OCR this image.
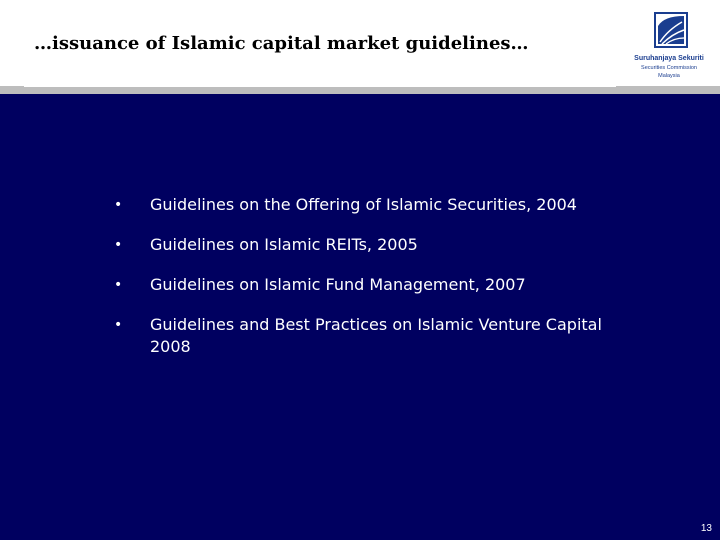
…issuance of Islamic capital market guidelines…
Suruhanjaya Sekuriti
Securities Commission
Malaysia
• Guidelines on the Offering of Islamic Securities, 2004
• Guidelines on Islamic REITs, 2005
• Guidelines on Islamic Fund Management, 2007
• Guidelines and Best Practices on Islamic Venture Capital 2008
13
